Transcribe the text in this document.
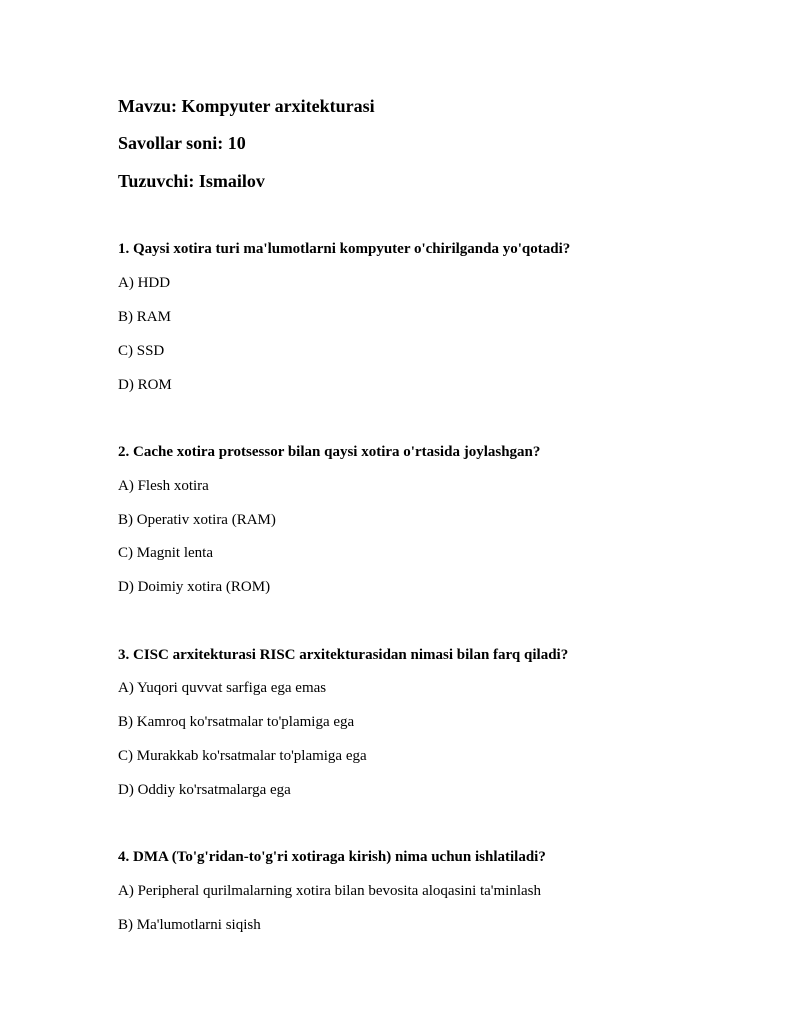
Mavzu: Kompyuter arxitekturasi
Savollar soni: 10
Tuzuvchi: Ismailov
1. Qaysi xotira turi ma'lumotlarni kompyuter o'chirilganda yo'qotadi?
A) HDD
B) RAM
C) SSD
D) ROM
2. Cache xotira protsessor bilan qaysi xotira o'rtasida joylashgan?
A) Flesh xotira
B) Operativ xotira (RAM)
C) Magnit lenta
D) Doimiy xotira (ROM)
3. CISC arxitekturasi RISC arxitekturasidan nimasi bilan farq qiladi?
A) Yuqori quvvat sarfiga ega emas
B) Kamroq ko'rsatmalar to'plamiga ega
C) Murakkab ko'rsatmalar to'plamiga ega
D) Oddiy ko'rsatmalarga ega
4. DMA (To'g'ridan-to'g'ri xotiraga kirish) nima uchun ishlatiladi?
A) Peripheral qurilmalarning xotira bilan bevosita aloqasini ta'minlash
B) Ma'lumotlarni siqish
